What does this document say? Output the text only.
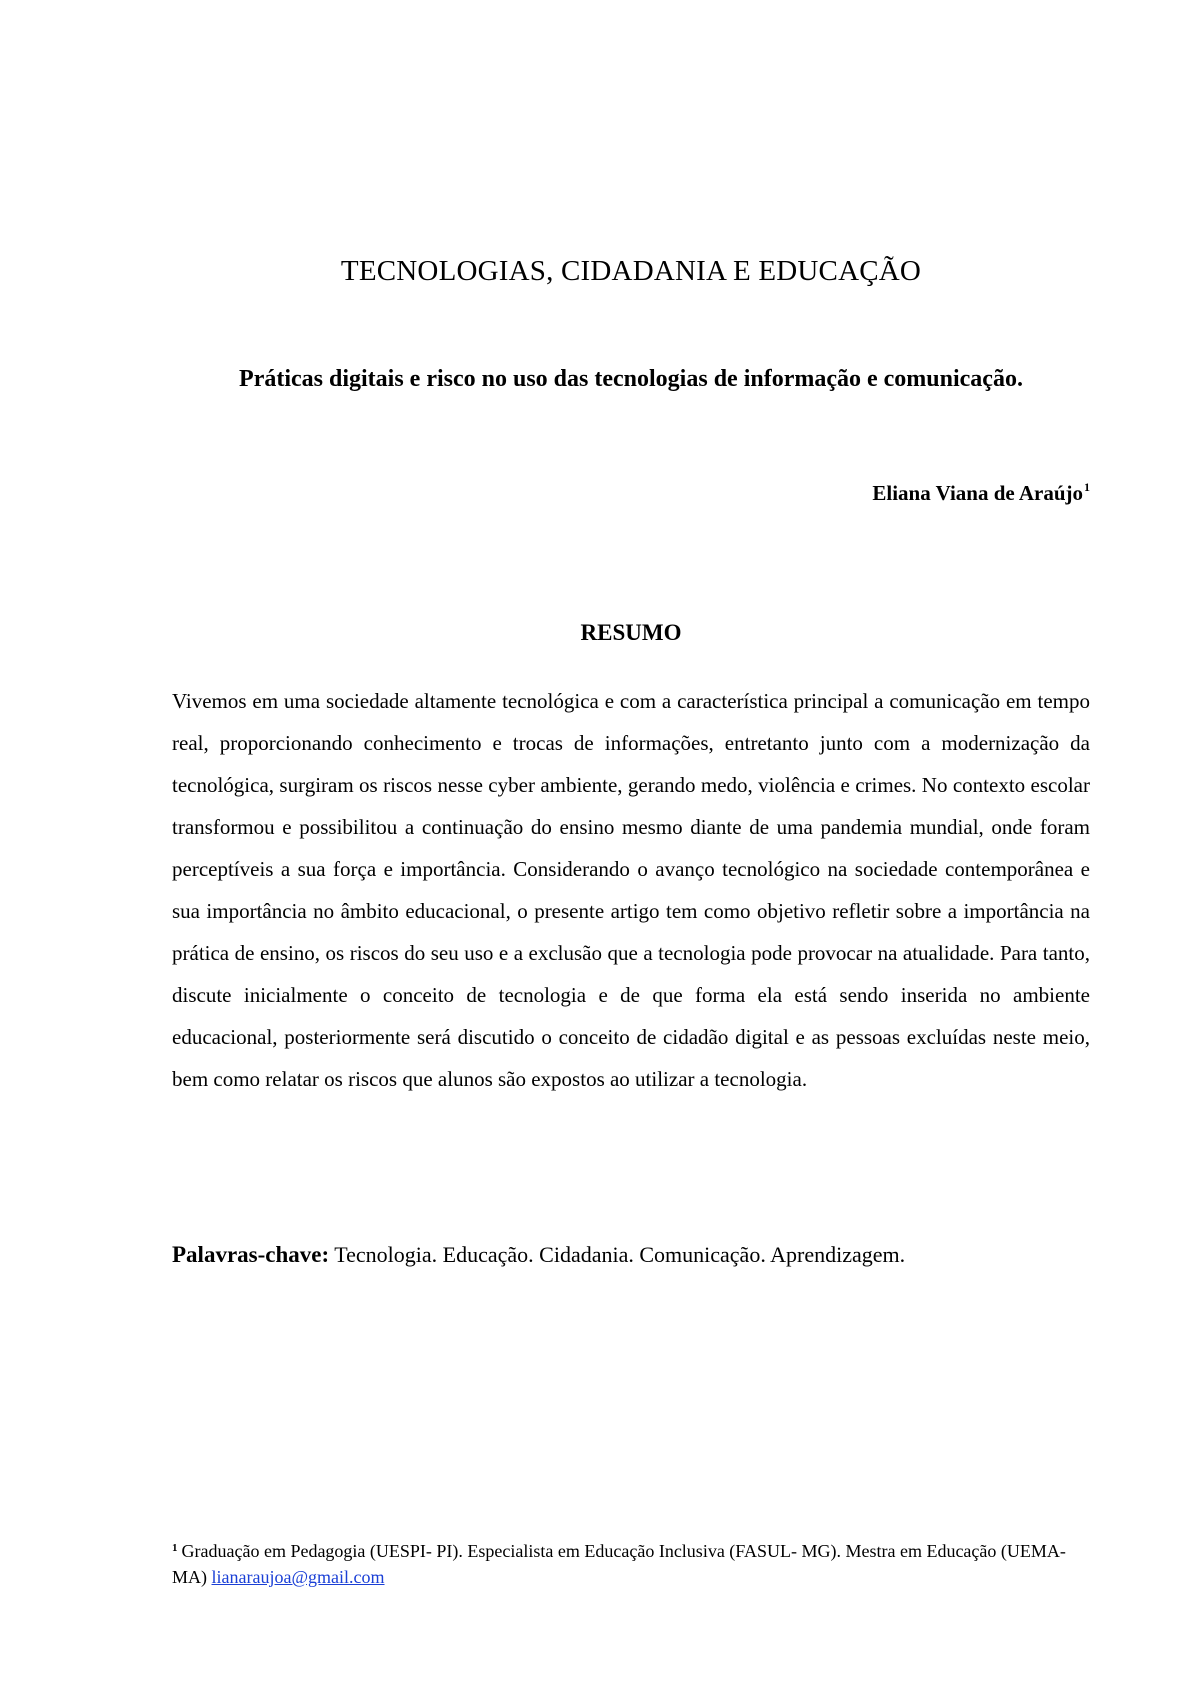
TECNOLOGIAS, CIDADANIA E EDUCAÇÃO
Práticas digitais e risco no uso das tecnologias de informação e comunicação.
Eliana Viana de Araújo$^1$
RESUMO

Vivemos em uma sociedade altamente tecnológica e com a característica principal a comunicação em tempo real, proporcionando conhecimento e trocas de informações, entretanto junto com a modernização da tecnológica, surgiram os riscos nesse cyber ambiente, gerando medo, violência e crimes. No contexto escolar transformou e possibilitou a continuação do ensino mesmo diante de uma pandemia mundial, onde foram perceptíveis a sua força e importância. Considerando o avanço tecnológico na sociedade contemporânea e sua importância no âmbito educacional, o presente artigo tem como objetivo refletir sobre a importância na prática de ensino, os riscos do seu uso e a exclusão que a tecnologia pode provocar na atualidade. Para tanto, discute inicialmente o conceito de tecnologia e de que forma ela está sendo inserida no ambiente educacional, posteriormente será discutido o conceito de cidadão digital e as pessoas excluídas neste meio, bem como relatar os riscos que alunos são expostos ao utilizar a tecnologia.

Palavras-chave: Tecnologia. Educação. Cidadania. Comunicação. Aprendizagem.
$^1$ Graduação em Pedagogia (UESPI- PI). Especialista em Educação Inclusiva (FASUL- MG). Mestra em Educação (UEMA- MA) lianaraujoa@gmail.com
